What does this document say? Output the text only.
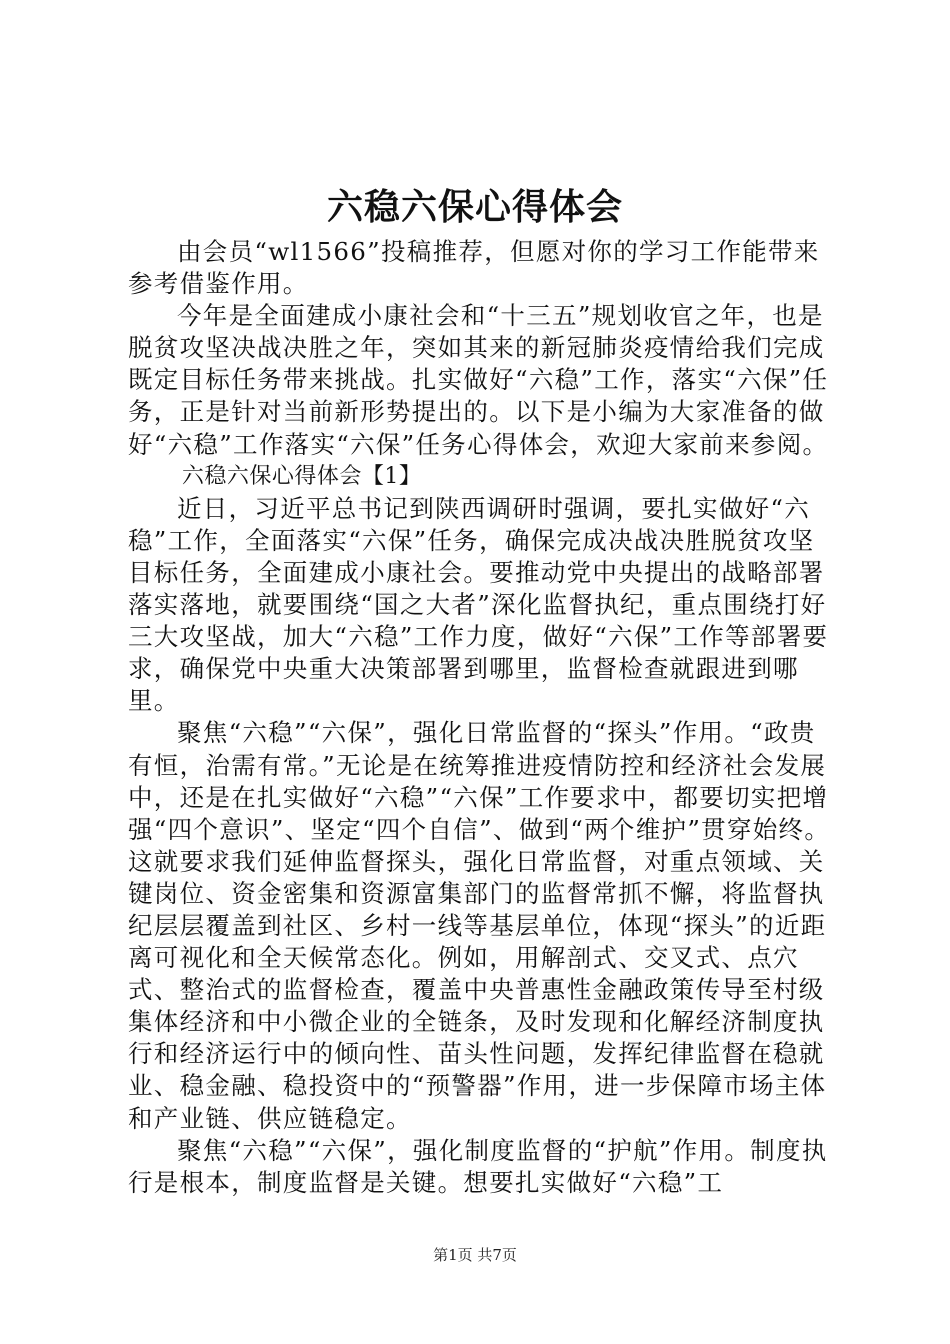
六稳六保心得体会

由会员“wl1566”投稿推荐，但愿对你的学习工作能带来参考借鉴作用。

今年是全面建成小康社会和“十三五”规划收官之年，也是脱贫攻坚决战决胜之年，突如其来的新冠肺炎疫情给我们完成既定目标任务带来挑战。扎实做好“六稳”工作，落实“六保”任务，正是针对当前新形势提出的。以下是小编为大家准备的做好“六稳”工作落实“六保”任务心得体会，欢迎大家前来参阅。

六稳六保心得体会【1】

近日，习近平总书记到陕西调研时强调，要扎实做好“六稳”工作，全面落实“六保”任务，确保完成决战决胜脱贫攻坚目标任务，全面建成小康社会。要推动党中央提出的战略部署落实落地，就要围绕“国之大者”深化监督执纪，重点围绕打好三大攻坚战，加大“六稳”工作力度，做好“六保”工作等部署要求，确保党中央重大决策部署到哪里，监督检查就跟进到哪里。

聚焦“六稳”“六保”，强化日常监督的“探头”作用。“政贵有恒，治需有常。”无论是在统筹推进疫情防控和经济社会发展中，还是在扎实做好“六稳”“六保”工作要求中，都要切实把增强“四个意识”、坚定“四个自信”、做到“两个维护”贯穿始终。这就要求我们延伸监督探头，强化日常监督，对重点领域、关键岗位、资金密集和资源富集部门的监督常抓不懈，将监督执纪层层覆盖到社区、乡村一线等基层单位，体现“探头”的近距离可视化和全天候常态化。例如，用解剖式、交叉式、点穴式、整治式的监督检查，覆盖中央普惠性金融政策传导至村级集体经济和中小微企业的全链条，及时发现和化解经济制度执行和经济运行中的倾向性、苗头性问题，发挥纪律监督在稳就业、稳金融、稳投资中的“预警器”作用，进一步保障市场主体和产业链、供应链稳定。

聚焦“六稳”“六保”，强化制度监督的“护航”作用。制度执行是根本，制度监督是关键。想要扎实做好“六稳”工

第1页 共7页
